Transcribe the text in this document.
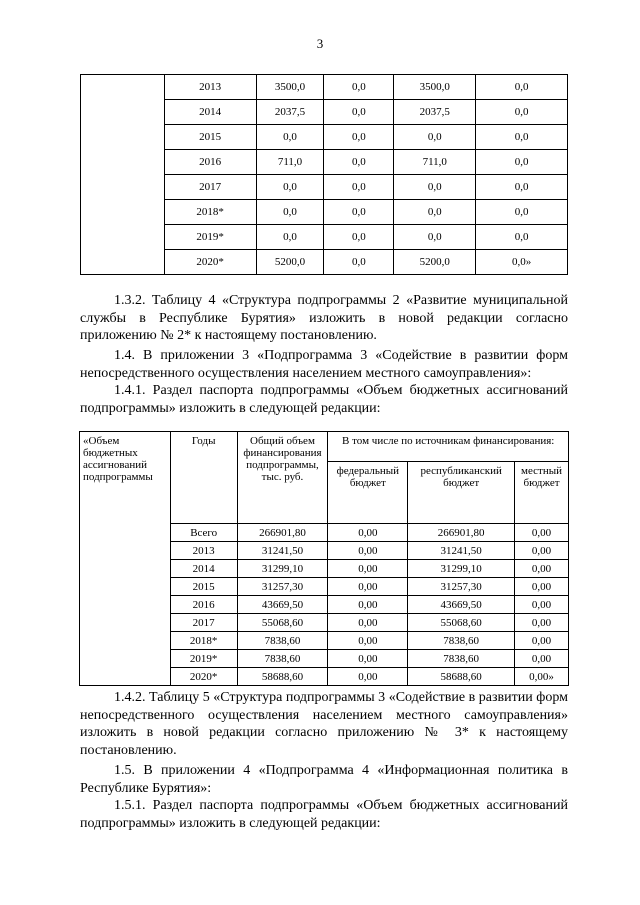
3
	2013	3500,0	0,0	3500,0	0,0
	2014	2037,5	0,0	2037,5	0,0
	2015	0,0	0,0	0,0	0,0
	2016	711,0	0,0	711,0	0,0
	2017	0,0	0,0	0,0	0,0
	2018*	0,0	0,0	0,0	0,0
	2019*	0,0	0,0	0,0	0,0
	2020*	5200,0	0,0	5200,0	0,0»

1.3.2. Таблицу 4 «Структура подпрограммы 2 «Развитие муниципальной службы в Республике Бурятия» изложить в новой редакции согласно приложению № 2* к настоящему постановлению.

1.4. В приложении 3 «Подпрограмма 3 «Содействие в развитии форм непосредственного осуществления населением местного самоуправления»:

1.4.1. Раздел паспорта подпрограммы «Объем бюджетных ассигнований подпрограммы» изложить в следующей редакции:

«Объем бюджетных ассигнований подпрограммы	Годы	Общий объем финансирования подпрограммы, тыс. руб.	В том числе по источникам финансирования:		
			федеральный бюджет	республиканский бюджет	местный бюджет
	Всего	266901,80	0,00	266901,80	0,00
	2013	31241,50	0,00	31241,50	0,00
	2014	31299,10	0,00	31299,10	0,00
	2015	31257,30	0,00	31257,30	0,00
	2016	43669,50	0,00	43669,50	0,00
	2017	55068,60	0,00	55068,60	0,00
	2018*	7838,60	0,00	7838,60	0,00
	2019*	7838,60	0,00	7838,60	0,00
	2020*	58688,60	0,00	58688,60	0,00»

1.4.2. Таблицу 5 «Структура подпрограммы 3 «Содействие в развитии форм непосредственного осуществления населением местного самоуправления» изложить в новой редакции согласно приложению № 3* к настоящему постановлению.

1.5. В приложении 4 «Подпрограмма 4 «Информационная политика в Республике Бурятия»:

1.5.1. Раздел паспорта подпрограммы «Объем бюджетных ассигнований подпрограммы» изложить в следующей редакции:
